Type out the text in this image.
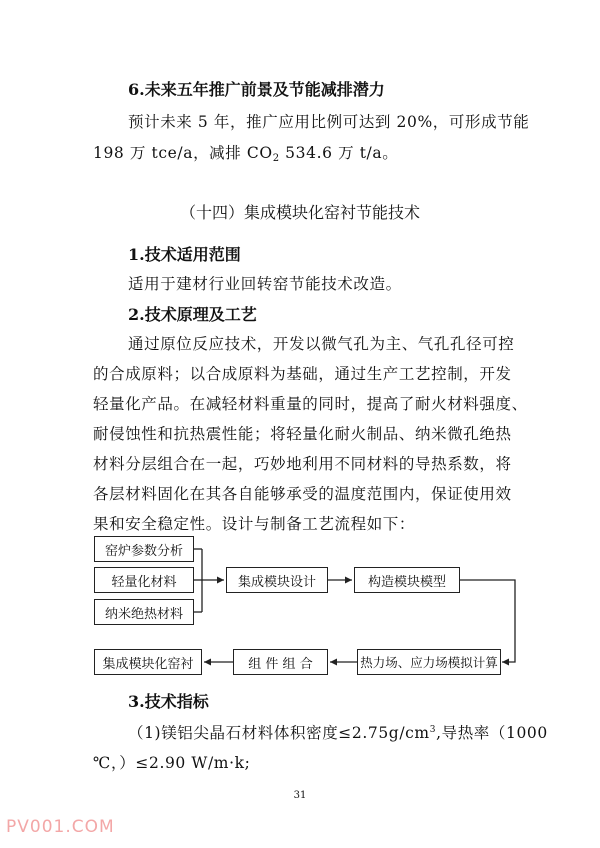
6.未来五年推广前景及节能减排潜力
预计未来 5 年，推广应用比例可达到 20%，可形成节能
198 万 tce/a，减排 $CO_2$ 534.6 万 t/a。
（十四）集成模块化窑衬节能技术
1.技术适用范围
适用于建材行业回转窑节能技术改造。
2.技术原理及工艺
通过原位反应技术，开发以微气孔为主、气孔孔径可控
的合成原料；以合成原料为基础，通过生产工艺控制，开发
轻量化产品。在减轻材料重量的同时，提高了耐火材料强度、
耐侵蚀性和抗热震性能；将轻量化耐火制品、纳米微孔绝热
材料分层组合在一起，巧妙地利用不同材料的导热系数，将
各层材料固化在其各自能够承受的温度范围内，保证使用效
果和安全稳定性。设计与制备工艺流程如下：
窑炉参数分析
轻量化材料
纳米绝热材料
集成模块设计	构造模块模型
热力场、应力场模拟计算
组 件 组 合
集成模块化窑衬
3.技术指标
（1)镁铝尖晶石材料体积密度$\le 2.75g/cm^3$,导热率（1000
℃，）≤2.90 W/m·k;
31
PV001.COM
